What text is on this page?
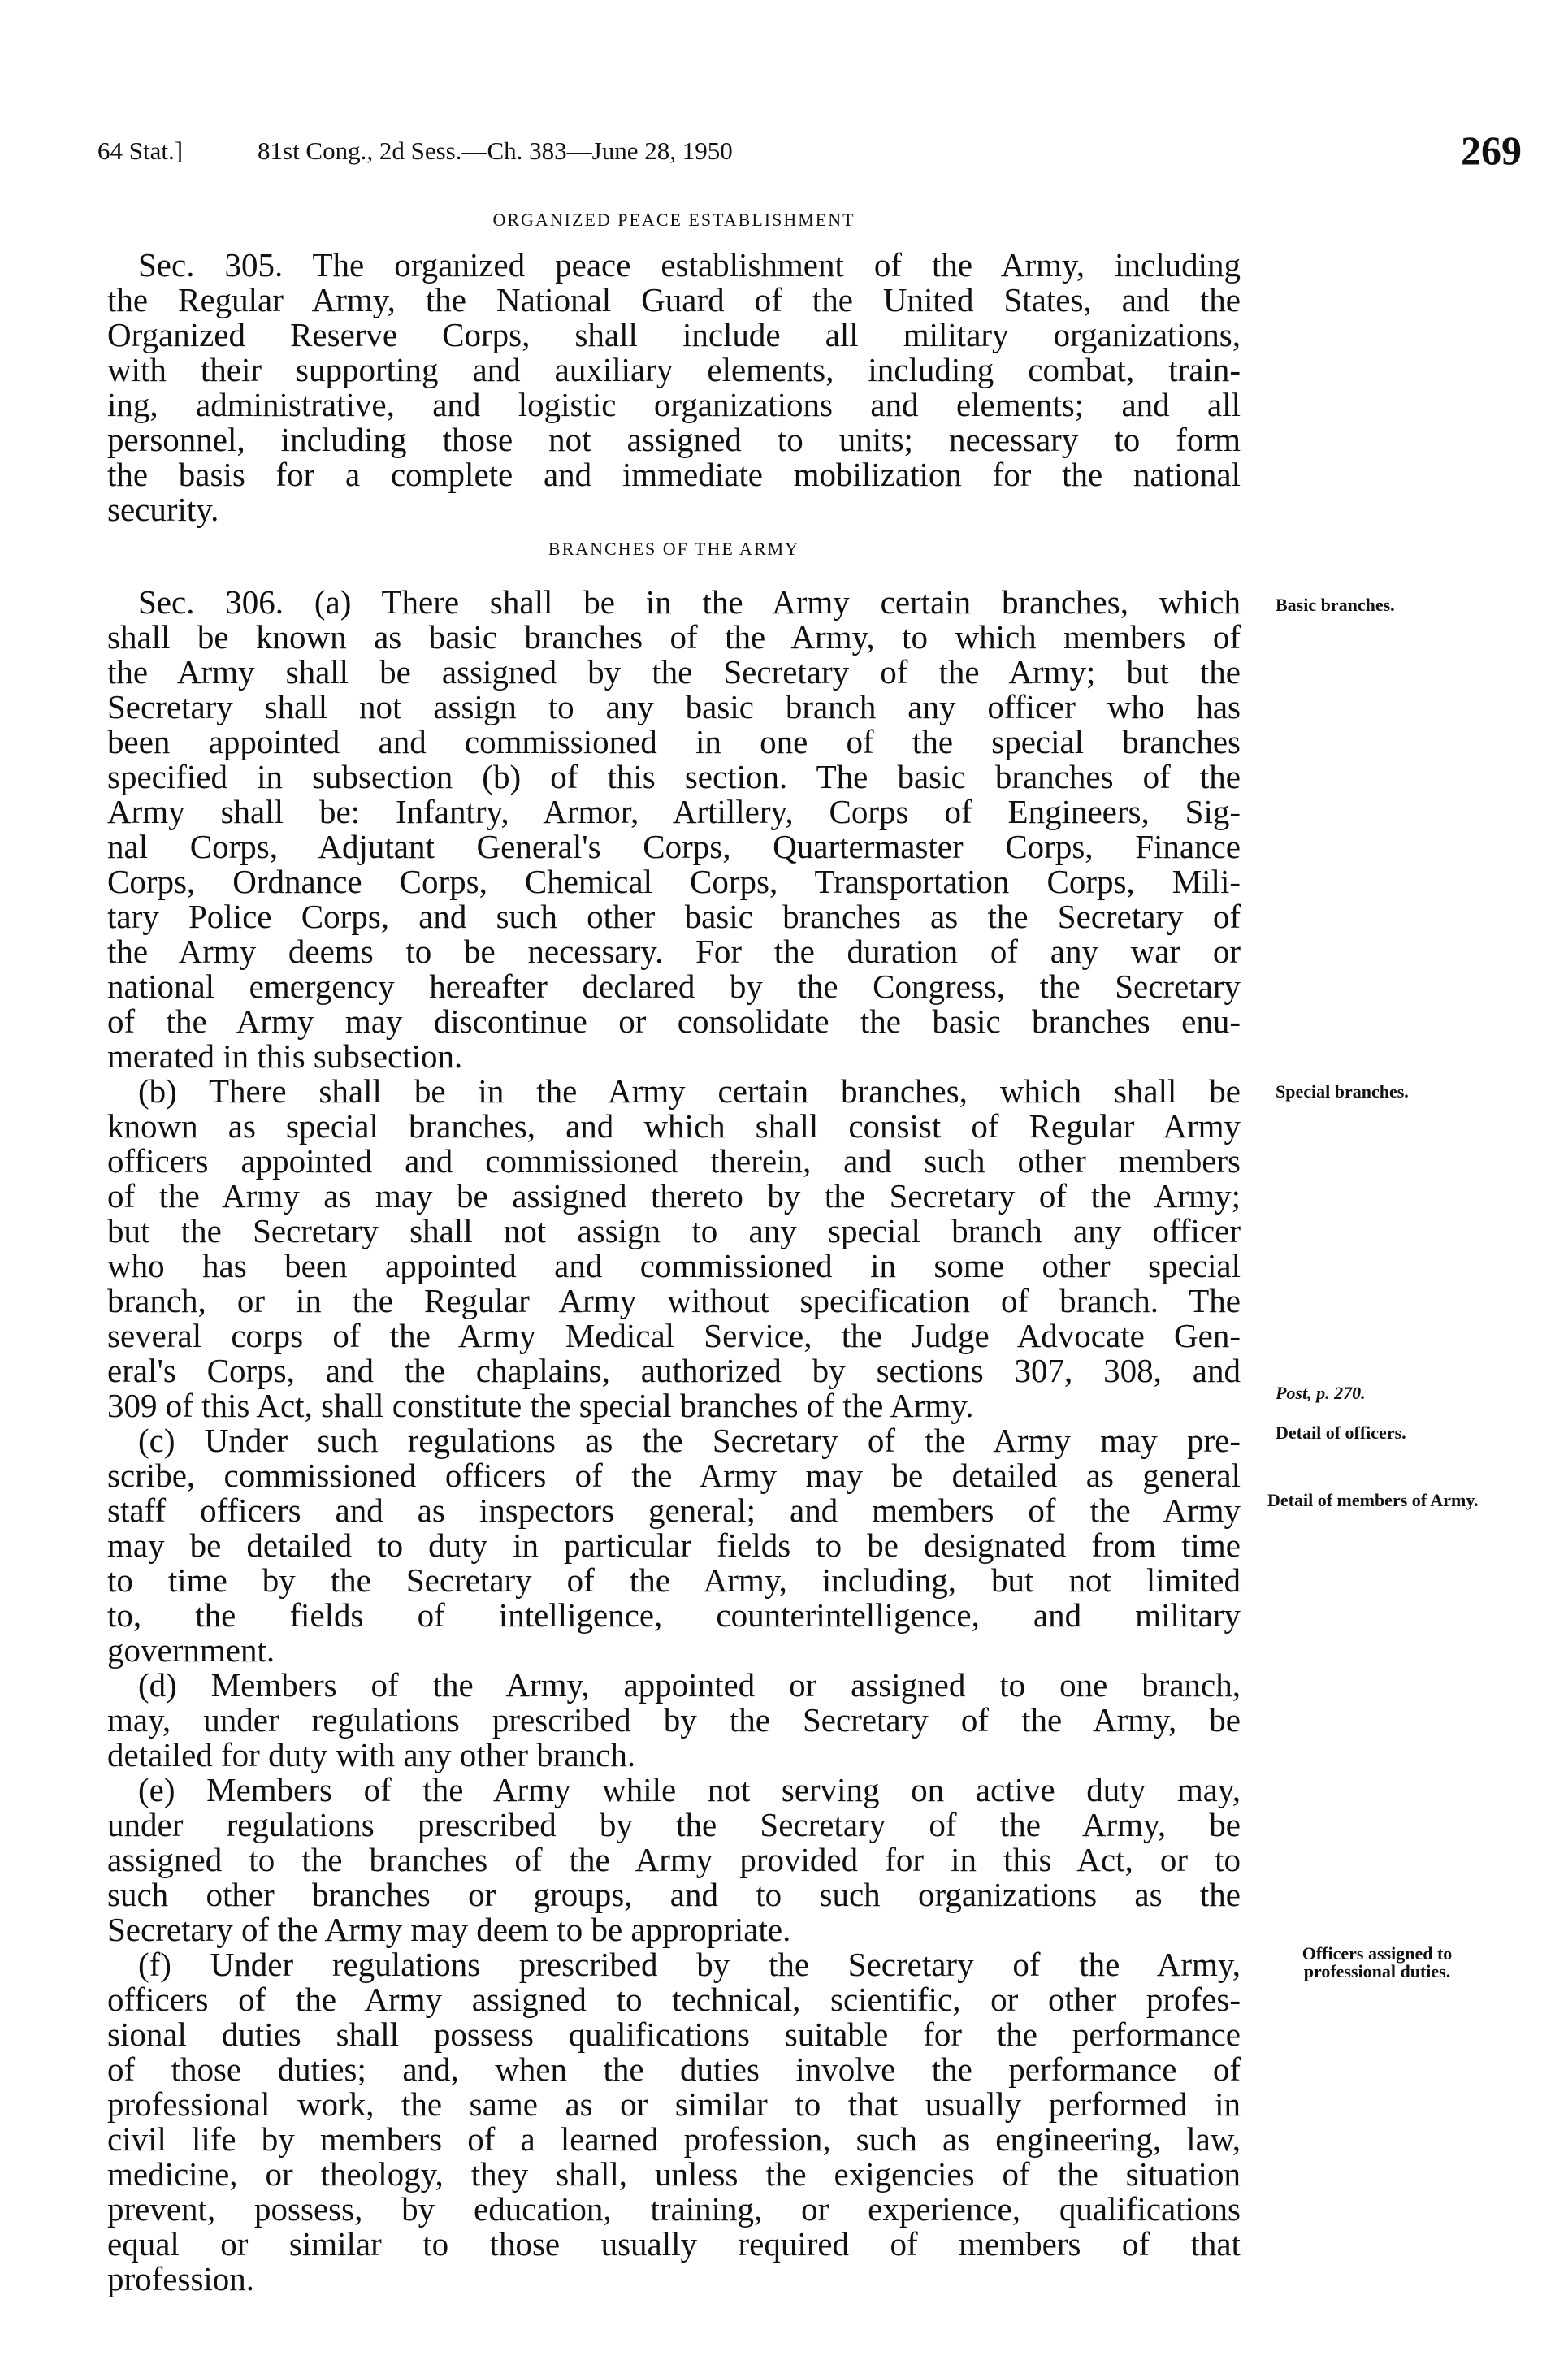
64 Stat.]	81st Cong., 2d Sess.—Ch. 383—June 28, 1950	269
ORGANIZED PEACE ESTABLISHMENT
Sec. 305. The organized peace establishment of the Army, including
the Regular Army, the National Guard of the United States, and the
Organized Reserve Corps, shall include all military organizations,
with their supporting and auxiliary elements, including combat, train-
ing, administrative, and logistic organizations and elements; and all
personnel, including those not assigned to units; necessary to form
the basis for a complete and immediate mobilization for the national
security.
BRANCHES OF THE ARMY
Sec. 306. (a) There shall be in the Army certain branches, which
shall be known as basic branches of the Army, to which members of
the Army shall be assigned by the Secretary of the Army; but the
Secretary shall not assign to any basic branch any officer who has
been appointed and commissioned in one of the special branches
specified in subsection (b) of this section. The basic branches of the
Army shall be: Infantry, Armor, Artillery, Corps of Engineers, Sig-
nal Corps, Adjutant General's Corps, Quartermaster Corps, Finance
Corps, Ordnance Corps, Chemical Corps, Transportation Corps, Mili-
tary Police Corps, and such other basic branches as the Secretary of
the Army deems to be necessary. For the duration of any war or
national emergency hereafter declared by the Congress, the Secretary
of the Army may discontinue or consolidate the basic branches enu-
merated in this subsection.
(b) There shall be in the Army certain branches, which shall be
known as special branches, and which shall consist of Regular Army
officers appointed and commissioned therein, and such other members
of the Army as may be assigned thereto by the Secretary of the Army;
but the Secretary shall not assign to any special branch any officer
who has been appointed and commissioned in some other special
branch, or in the Regular Army without specification of branch. The
several corps of the Army Medical Service, the Judge Advocate Gen-
eral's Corps, and the chaplains, authorized by sections 307, 308, and
309 of this Act, shall constitute the special branches of the Army.
(c) Under such regulations as the Secretary of the Army may pre-
scribe, commissioned officers of the Army may be detailed as general
staff officers and as inspectors general; and members of the Army
may be detailed to duty in particular fields to be designated from time
to time by the Secretary of the Army, including, but not limited
to, the fields of intelligence, counterintelligence, and military
government.
(d) Members of the Army, appointed or assigned to one branch,
may, under regulations prescribed by the Secretary of the Army, be
detailed for duty with any other branch.
(e) Members of the Army while not serving on active duty may,
under regulations prescribed by the Secretary of the Army, be
assigned to the branches of the Army provided for in this Act, or to
such other branches or groups, and to such organizations as the
Secretary of the Army may deem to be appropriate.
(f) Under regulations prescribed by the Secretary of the Army,
officers of the Army assigned to technical, scientific, or other profes-
sional duties shall possess qualifications suitable for the performance
of those duties; and, when the duties involve the performance of
professional work, the same as or similar to that usually performed in
civil life by members of a learned profession, such as engineering, law,
medicine, or theology, they shall, unless the exigencies of the situation
prevent, possess, by education, training, or experience, qualifications
equal or similar to those usually required of members of that
profession.
Basic branches.
Special branches.
Post, p. 270.
Detail of officers.
Detail of members of Army.
Officers assigned to professional duties.
